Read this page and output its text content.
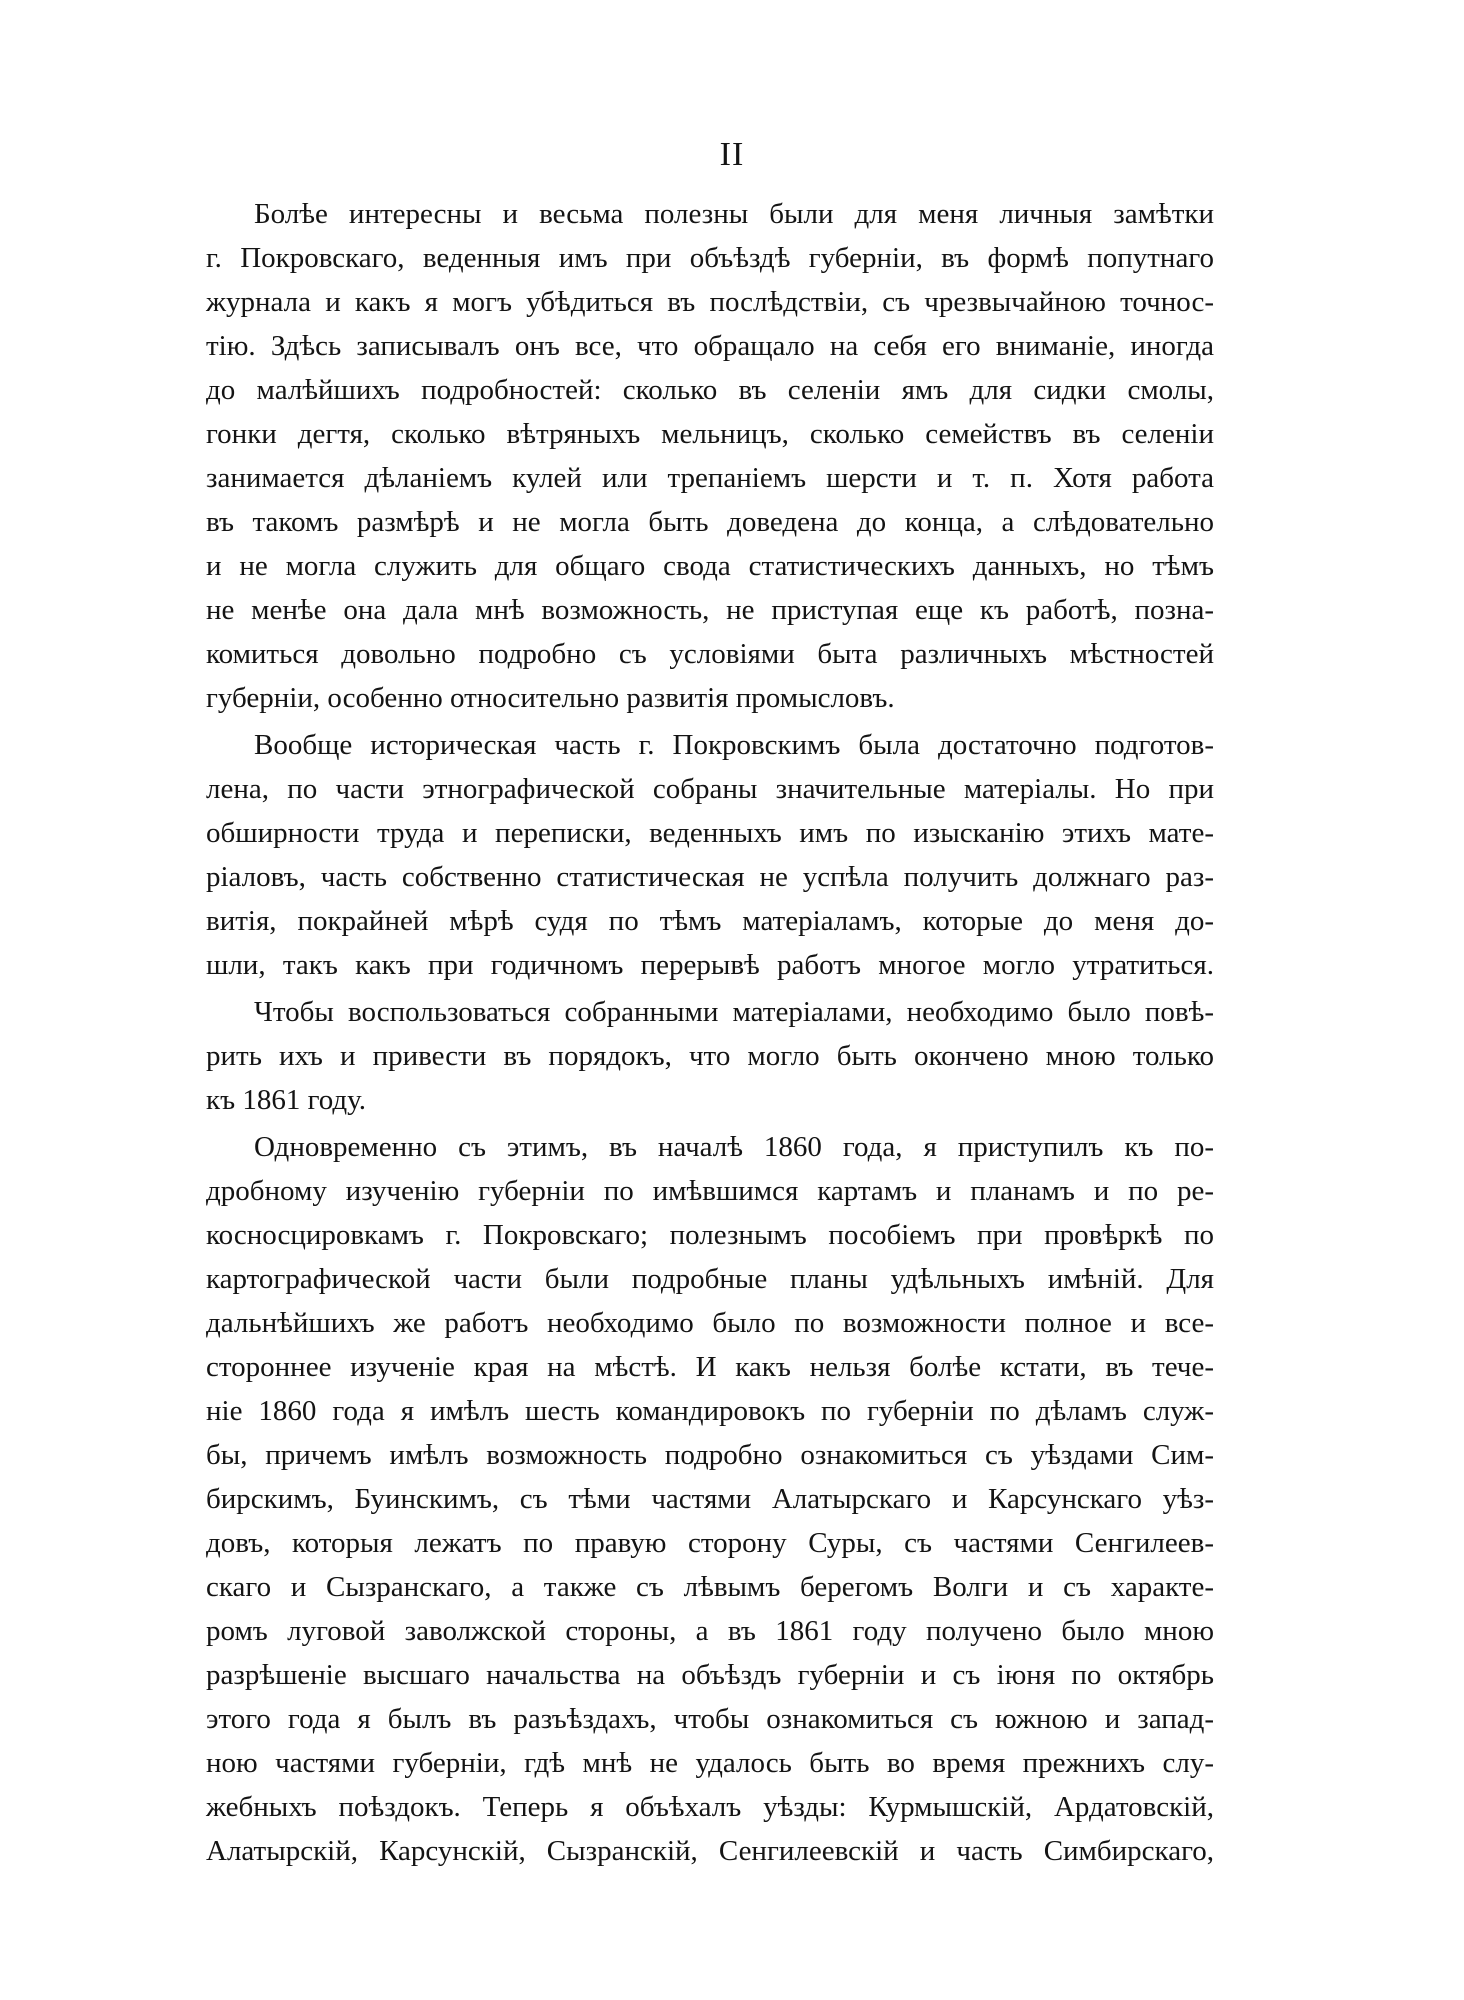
II
Болѣе интересны и весьма полезны были для меня личныя замѣтки
г. Покровскаго, веденныя имъ при объѣздѣ губерніи, въ формѣ попутнаго
журнала и какъ я могъ убѣдиться въ послѣдствіи, съ чрезвычайною точнос-
тію. Здѣсь записывалъ онъ все, что обращало на себя его вниманіе, иногда
до малѣйшихъ подробностей: сколько въ селеніи ямъ для сидки смолы,
гонки дегтя, сколько вѣтряныхъ мельницъ, сколько семействъ въ селеніи
занимается дѣланіемъ кулей или трепаніемъ шерсти и т. п. Хотя работа
въ такомъ размѣрѣ и не могла быть доведена до конца, а слѣдовательно
и не могла служить для общаго свода статистическихъ данныхъ, но тѣмъ
не менѣе она дала мнѣ возможность, не приступая еще къ работѣ, позна-
комиться довольно подробно съ условіями быта различныхъ мѣстностей
губерніи, особенно относительно развитія промысловъ.
Вообще историческая часть г. Покровскимъ была достаточно подготов-
лена, по части этнографической собраны значительные матеріалы. Но при
обширности труда и переписки, веденныхъ имъ по изысканію этихъ мате-
ріаловъ, часть собственно статистическая не успѣла получить должнаго раз-
витія, покрайней мѣрѣ судя по тѣмъ матеріаламъ, которые до меня до-
шли, такъ какъ при годичномъ перерывѣ работъ многое могло утратиться.
Чтобы воспользоваться собранными матеріалами, необходимо было повѣ-
рить ихъ и привести въ порядокъ, что могло быть окончено мною только
къ 1861 году.
Одновременно съ этимъ, въ началѣ 1860 года, я приступилъ къ по-
дробному изученію губерніи по имѣвшимся картамъ и планамъ и по ре-
косносцировкамъ г. Покровскаго; полезнымъ пособіемъ при провѣркѣ по
картографической части были подробные планы удѣльныхъ имѣній. Для
дальнѣйшихъ же работъ необходимо было по возможности полное и все-
стороннее изученіе края на мѣстѣ. И какъ нельзя болѣе кстати, въ тече-
ніе 1860 года я имѣлъ шесть командировокъ по губерніи по дѣламъ служ-
бы, причемъ имѣлъ возможность подробно ознакомиться съ уѣздами Сим-
бирскимъ, Буинскимъ, съ тѣми частями Алатырскаго и Карсунскаго уѣз-
довъ, которыя лежатъ по правую сторону Суры, съ частями Сенгилеев-
скаго и Сызранскаго, а также съ лѣвымъ берегомъ Волги и съ характе-
ромъ луговой заволжской стороны, а въ 1861 году получено было мною
разрѣшеніе высшаго начальства на объѣздъ губерніи и съ іюня по октябрь
этого года я былъ въ разъѣздахъ, чтобы ознакомиться съ южною и запад-
ною частями губерніи, гдѣ мнѣ не удалось быть во время прежнихъ слу-
жебныхъ поѣздокъ. Теперь я объѣхалъ уѣзды: Курмышскій, Ардатовскій,
Алатырскій, Карсунскій, Сызранскій, Сенгилеевскій и часть Симбирскаго,
